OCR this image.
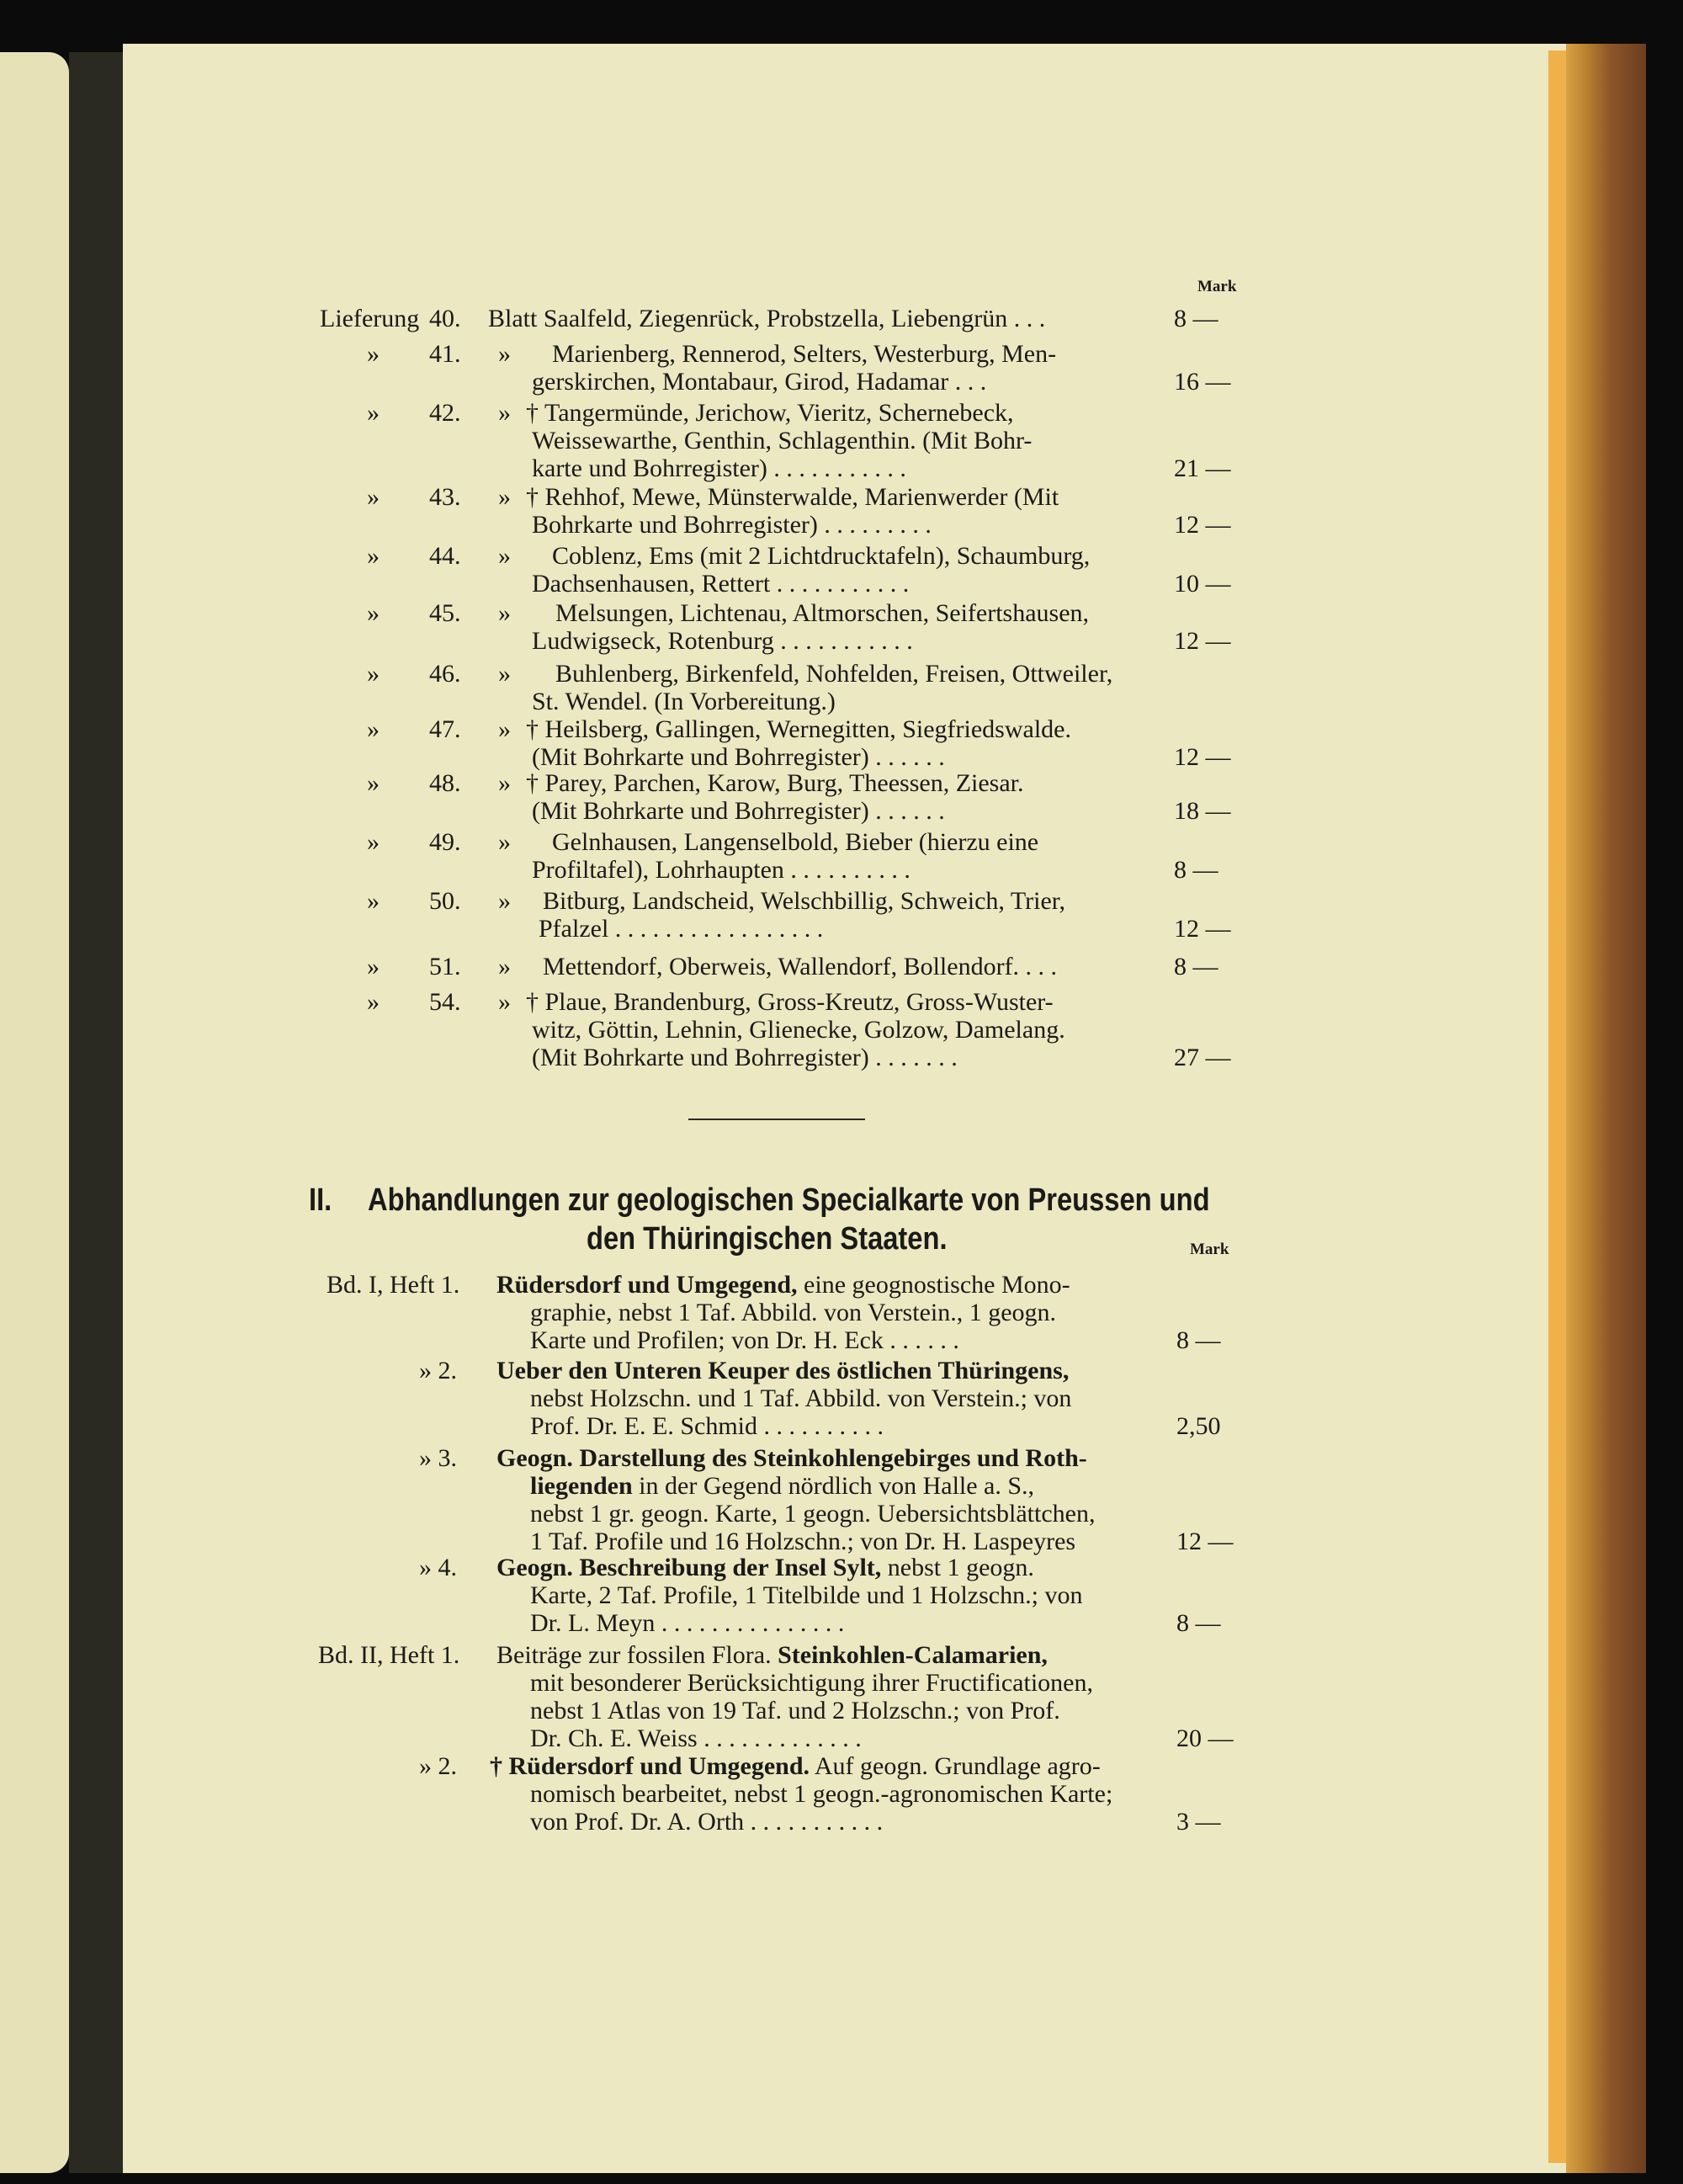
Mark
Lieferung 40. Blatt Saalfeld, Ziegenrück, Probstzella, Liebengrün . . .	8 —
» 41. » Marienberg, Rennerod, Selters, Westerburg, Men-
gerskirchen, Montabaur, Girod, Hadamar . . .	16 —
» 42. » † Tangermünde, Jerichow, Vieritz, Schernebeck,
Weissewarthe, Genthin, Schlagenthin. (Mit Bohr-
karte und Bohrregister) . . . . . . . . . . .	21 —
» 43. » † Rehhof, Mewe, Münsterwalde, Marienwerder (Mit
Bohrkarte und Bohrregister) . . . . . . . . .	12 —
» 44. » Coblenz, Ems (mit 2 Lichtdrucktafeln), Schaumburg,
Dachsenhausen, Rettert . . . . . . . . . . .	10 —
» 45. » Melsungen, Lichtenau, Altmorschen, Seifertshausen,
Ludwigseck, Rotenburg . . . . . . . . . . .	12 —
» 46. » Buhlenberg, Birkenfeld, Nohfelden, Freisen, Ottweiler,
St. Wendel. (In Vorbereitung.)
» 47. » † Heilsberg, Gallingen, Wernegitten, Siegfriedswalde.
(Mit Bohrkarte und Bohrregister) . . . . . .	12 —
» 48. » † Parey, Parchen, Karow, Burg, Theessen, Ziesar.
(Mit Bohrkarte und Bohrregister) . . . . . .	18 —
» 49. » Gelnhausen, Langenselbold, Bieber (hierzu eine
Profiltafel), Lohrhaupten . . . . . . . . . .	8 —
» 50. » Bitburg, Landscheid, Welschbillig, Schweich, Trier,
Pfalzel . . . . . . . . . . . . . . . . .	12 —
» 51. » Mettendorf, Oberweis, Wallendorf, Bollendorf. . . .	8 —
» 54. » † Plaue, Brandenburg, Gross-Kreutz, Gross-Wuster-
witz, Göttin, Lehnin, Glienecke, Golzow, Damelang.
(Mit Bohrkarte und Bohrregister) . . . . . . .	27 —
II. Abhandlungen zur geologischen Specialkarte von Preussen und
den Thüringischen Staaten.	Mark
Bd. I, Heft 1. Rüdersdorf und Umgegend, eine geognostische Mono-
graphie, nebst 1 Taf. Abbild. von Verstein., 1 geogn.
Karte und Profilen; von Dr. H. Eck . . . . . .	8 —
» 2. Ueber den Unteren Keuper des östlichen Thüringens,
nebst Holzschn. und 1 Taf. Abbild. von Verstein.; von
Prof. Dr. E. E. Schmid . . . . . . . . . .	2,50
» 3. Geogn. Darstellung des Steinkohlengebirges und Roth-
liegenden in der Gegend nördlich von Halle a. S.,
nebst 1 gr. geogn. Karte, 1 geogn. Uebersichtsblättchen,
1 Taf. Profile und 16 Holzschn.; von Dr. H. Laspeyres	12 —
» 4. Geogn. Beschreibung der Insel Sylt, nebst 1 geogn.
Karte, 2 Taf. Profile, 1 Titelbilde und 1 Holzschn.; von
Dr. L. Meyn . . . . . . . . . . . . . . .	8 —
Bd. II, Heft 1. Beiträge zur fossilen Flora. Steinkohlen-Calamarien,
mit besonderer Berücksichtigung ihrer Fructificationen,
nebst 1 Atlas von 19 Taf. und 2 Holzschn.; von Prof.
Dr. Ch. E. Weiss . . . . . . . . . . . . .	20 —
» 2. † Rüdersdorf und Umgegend. Auf geogn. Grundlage agro-
nomisch bearbeitet, nebst 1 geogn.-agronomischen Karte;
von Prof. Dr. A. Orth . . . . . . . . . . .	3 —
